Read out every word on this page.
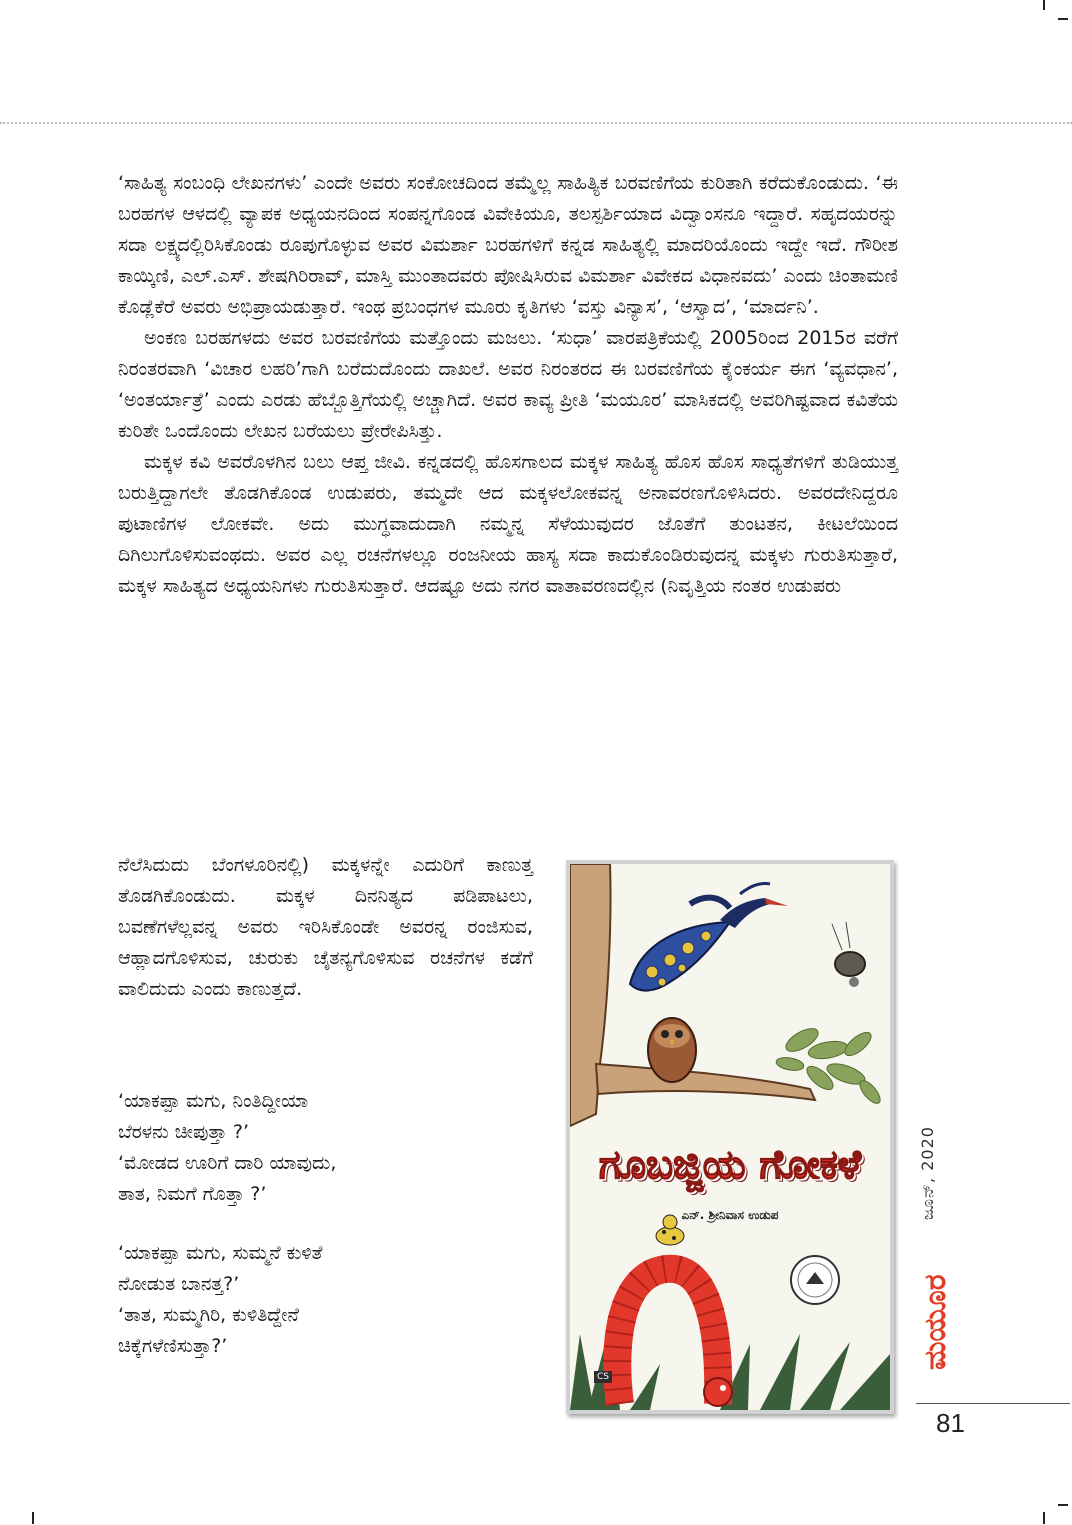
‘ಸಾಹಿತ್ಯ ಸಂಬಂಧಿ ಲೇಖನಗಳು’ ಎಂದೇ ಅವರು ಸಂಕೋಚದಿಂದ ತಮ್ಮೆಲ್ಲ ಸಾಹಿತ್ಯಿಕ ಬರವಣಿಗೆಯ ಕುರಿತಾಗಿ ಕರೆದುಕೊಂಡುದು. ‘ಈ ಬರಹಗಳ ಆಳದಲ್ಲಿ ವ್ಯಾಪಕ ಅಧ್ಯಯನದಿಂದ ಸಂಪನ್ನಗೊಂಡ ವಿವೇಕಿಯೂ, ತಲಸ್ಪರ್ಶಿಯಾದ ವಿದ್ವಾಂಸನೂ ಇದ್ದಾರೆ. ಸಹೃದಯರನ್ನು ಸದಾ ಲಕ್ಷ್ಯದಲ್ಲಿರಿಸಿಕೊಂಡು ರೂಪುಗೊಳ್ಳುವ ಅವರ ವಿಮರ್ಶಾ ಬರಹಗಳಿಗೆ ಕನ್ನಡ ಸಾಹಿತ್ಯಲ್ಲಿ ಮಾದರಿಯೊಂದು ಇದ್ದೇ ಇದೆ. ಗೌರೀಶ ಕಾಯ್ಕಿಣಿ, ಎಲ್.ಎಸ್. ಶೇಷಗಿರಿರಾವ್, ಮಾಸ್ತಿ ಮುಂತಾದವರು ಪೋಷಿಸಿರುವ ವಿಮರ್ಶಾ ವಿವೇಕದ ವಿಧಾನವದು’ ಎಂದು ಚಿಂತಾಮಣಿ ಕೊಡ್ಲೆಕೆರೆ ಅವರು ಅಭಿಪ್ರಾಯಡುತ್ತಾರೆ. ಇಂಥ ಪ್ರಬಂಧಗಳ ಮೂರು ಕೃತಿಗಳು ‘ವಸ್ತು ವಿನ್ಯಾಸ’, ‘ಆಸ್ವಾದ’, ‘ಮಾರ್ದನಿ’.

ಅಂಕಣ ಬರಹಗಳದು ಅವರ ಬರವಣಿಗೆಯ ಮತ್ತೊಂದು ಮಜಲು. ‘ಸುಧಾ’ ವಾರಪತ್ರಿಕೆಯಲ್ಲಿ 2005ರಿಂದ 2015ರ ವರೆಗೆ ನಿರಂತರವಾಗಿ ‘ವಿಚಾರ ಲಹರಿ’ಗಾಗಿ ಬರೆದುದೊಂದು ದಾಖಲೆ. ಅವರ ನಿರಂತರದ ಈ ಬರವಣಿಗೆಯ ಕೈಂಕರ್ಯ ಈಗ ‘ವ್ಯವಧಾನ’, ‘ಅಂತರ್ಯಾತ್ರೆ’ ಎಂದು ಎರಡು ಹೆಬ್ಬೊತ್ತಿಗೆಯಲ್ಲಿ ಅಚ್ಚಾಗಿದೆ. ಅವರ ಕಾವ್ಯ ಪ್ರೀತಿ ‘ಮಯೂರ’ ಮಾಸಿಕದಲ್ಲಿ ಅವರಿಗಿಷ್ಟವಾದ ಕವಿತೆಯ ಕುರಿತೇ ಒಂದೊಂದು ಲೇಖನ ಬರೆಯಲು ಪ್ರೇರೇಪಿಸಿತ್ತು.

ಮಕ್ಕಳ ಕವಿ ಅವರೊಳಗಿನ ಬಲು ಆಪ್ತ ಜೀವಿ. ಕನ್ನಡದಲ್ಲಿ ಹೊಸಗಾಲದ ಮಕ್ಕಳ ಸಾಹಿತ್ಯ ಹೊಸ ಹೊಸ ಸಾಧ್ಯತೆಗಳಿಗೆ ತುಡಿಯುತ್ತ ಬರುತ್ತಿದ್ದಾಗಲೇ ತೊಡಗಿಕೊಂಡ ಉಡುಪರು, ತಮ್ಮದೇ ಆದ ಮಕ್ಕಳಲೋಕವನ್ನ ಅನಾವರಣಗೊಳಿಸಿದರು. ಅವರದೇನಿದ್ದರೂ ಪುಟಾಣಿಗಳ ಲೋಕವೇ. ಅದು ಮುಗ್ಧವಾದುದಾಗಿ ನಮ್ಮನ್ನ ಸೆಳೆಯುವುದರ ಜೊತೆಗೆ ತುಂಟತನ, ಕೀಟಲೆಯಿಂದ ದಿಗಿಲುಗೊಳಿಸುವಂಥದು. ಅವರ ಎಲ್ಲ ರಚನೆಗಳಲ್ಲೂ ರಂಜನೀಯ ಹಾಸ್ಯ ಸದಾ ಕಾದುಕೊಂಡಿರುವುದನ್ನ ಮಕ್ಕಳು ಗುರುತಿಸುತ್ತಾರೆ, ಮಕ್ಕಳ ಸಾಹಿತ್ಯದ ಅಧ್ಯಯನಿಗಳು ಗುರುತಿಸುತ್ತಾರೆ. ಆದಷ್ಟೂ ಅದು ನಗರ ವಾತಾವರಣದಲ್ಲಿನ (ನಿವೃತ್ತಿಯ ನಂತರ ಉಡುಪರು

ನೆಲೆಸಿದುದು ಬೆಂಗಳೂರಿನಲ್ಲಿ) ಮಕ್ಕಳನ್ನೇ ಎದುರಿಗೆ ಕಾಣುತ್ತ ತೊಡಗಿಕೊಂಡುದು. ಮಕ್ಕಳ ದಿನನಿತ್ಯದ ಪಡಿಪಾಟಲು, ಬವಣೆಗಳೆಲ್ಲವನ್ನ ಅವರು ಇರಿಸಿಕೊಂಡೇ ಅವರನ್ನ ರಂಜಿಸುವ, ಆಹ್ಲಾದಗೊಳಿಸುವ, ಚುರುಕು ಚೈತನ್ಯಗೊಳಿಸುವ ರಚನೆಗಳ ಕಡೆಗೆ ವಾಲಿದುದು ಎಂದು ಕಾಣುತ್ತದೆ.

‘ಯಾಕಪ್ಪಾ ಮಗು, ನಿಂತಿದ್ದೀಯಾ
ಬೆರಳನು ಚೀಪುತ್ತಾ ?’
‘ಮೋಡದ ಊರಿಗೆ ದಾರಿ ಯಾವುದು,
ತಾತ, ನಿಮಗೆ ಗೊತ್ತಾ ?’
‘ಯಾಕಪ್ಪಾ ಮಗು, ಸುಮ್ಮನೆ ಕುಳಿತೆ
ನೋಡುತ ಬಾನತ್ತ?’
‘ತಾತ, ಸುಮ್ಮಗಿರಿ, ಕುಳಿತಿದ್ದೇನೆ
ಚಿಕ್ಕೆಗಳೆಣಿಸುತ್ತಾ?’
ಗೂಬಜ್ಜಿಯ ಗೋಕಳೆ
ಎನ್. ಶ್ರೀನಿವಾಸ ಉಡುಪ
CS
ಜೂನ್, 2020
ಮಯೂರ
81
